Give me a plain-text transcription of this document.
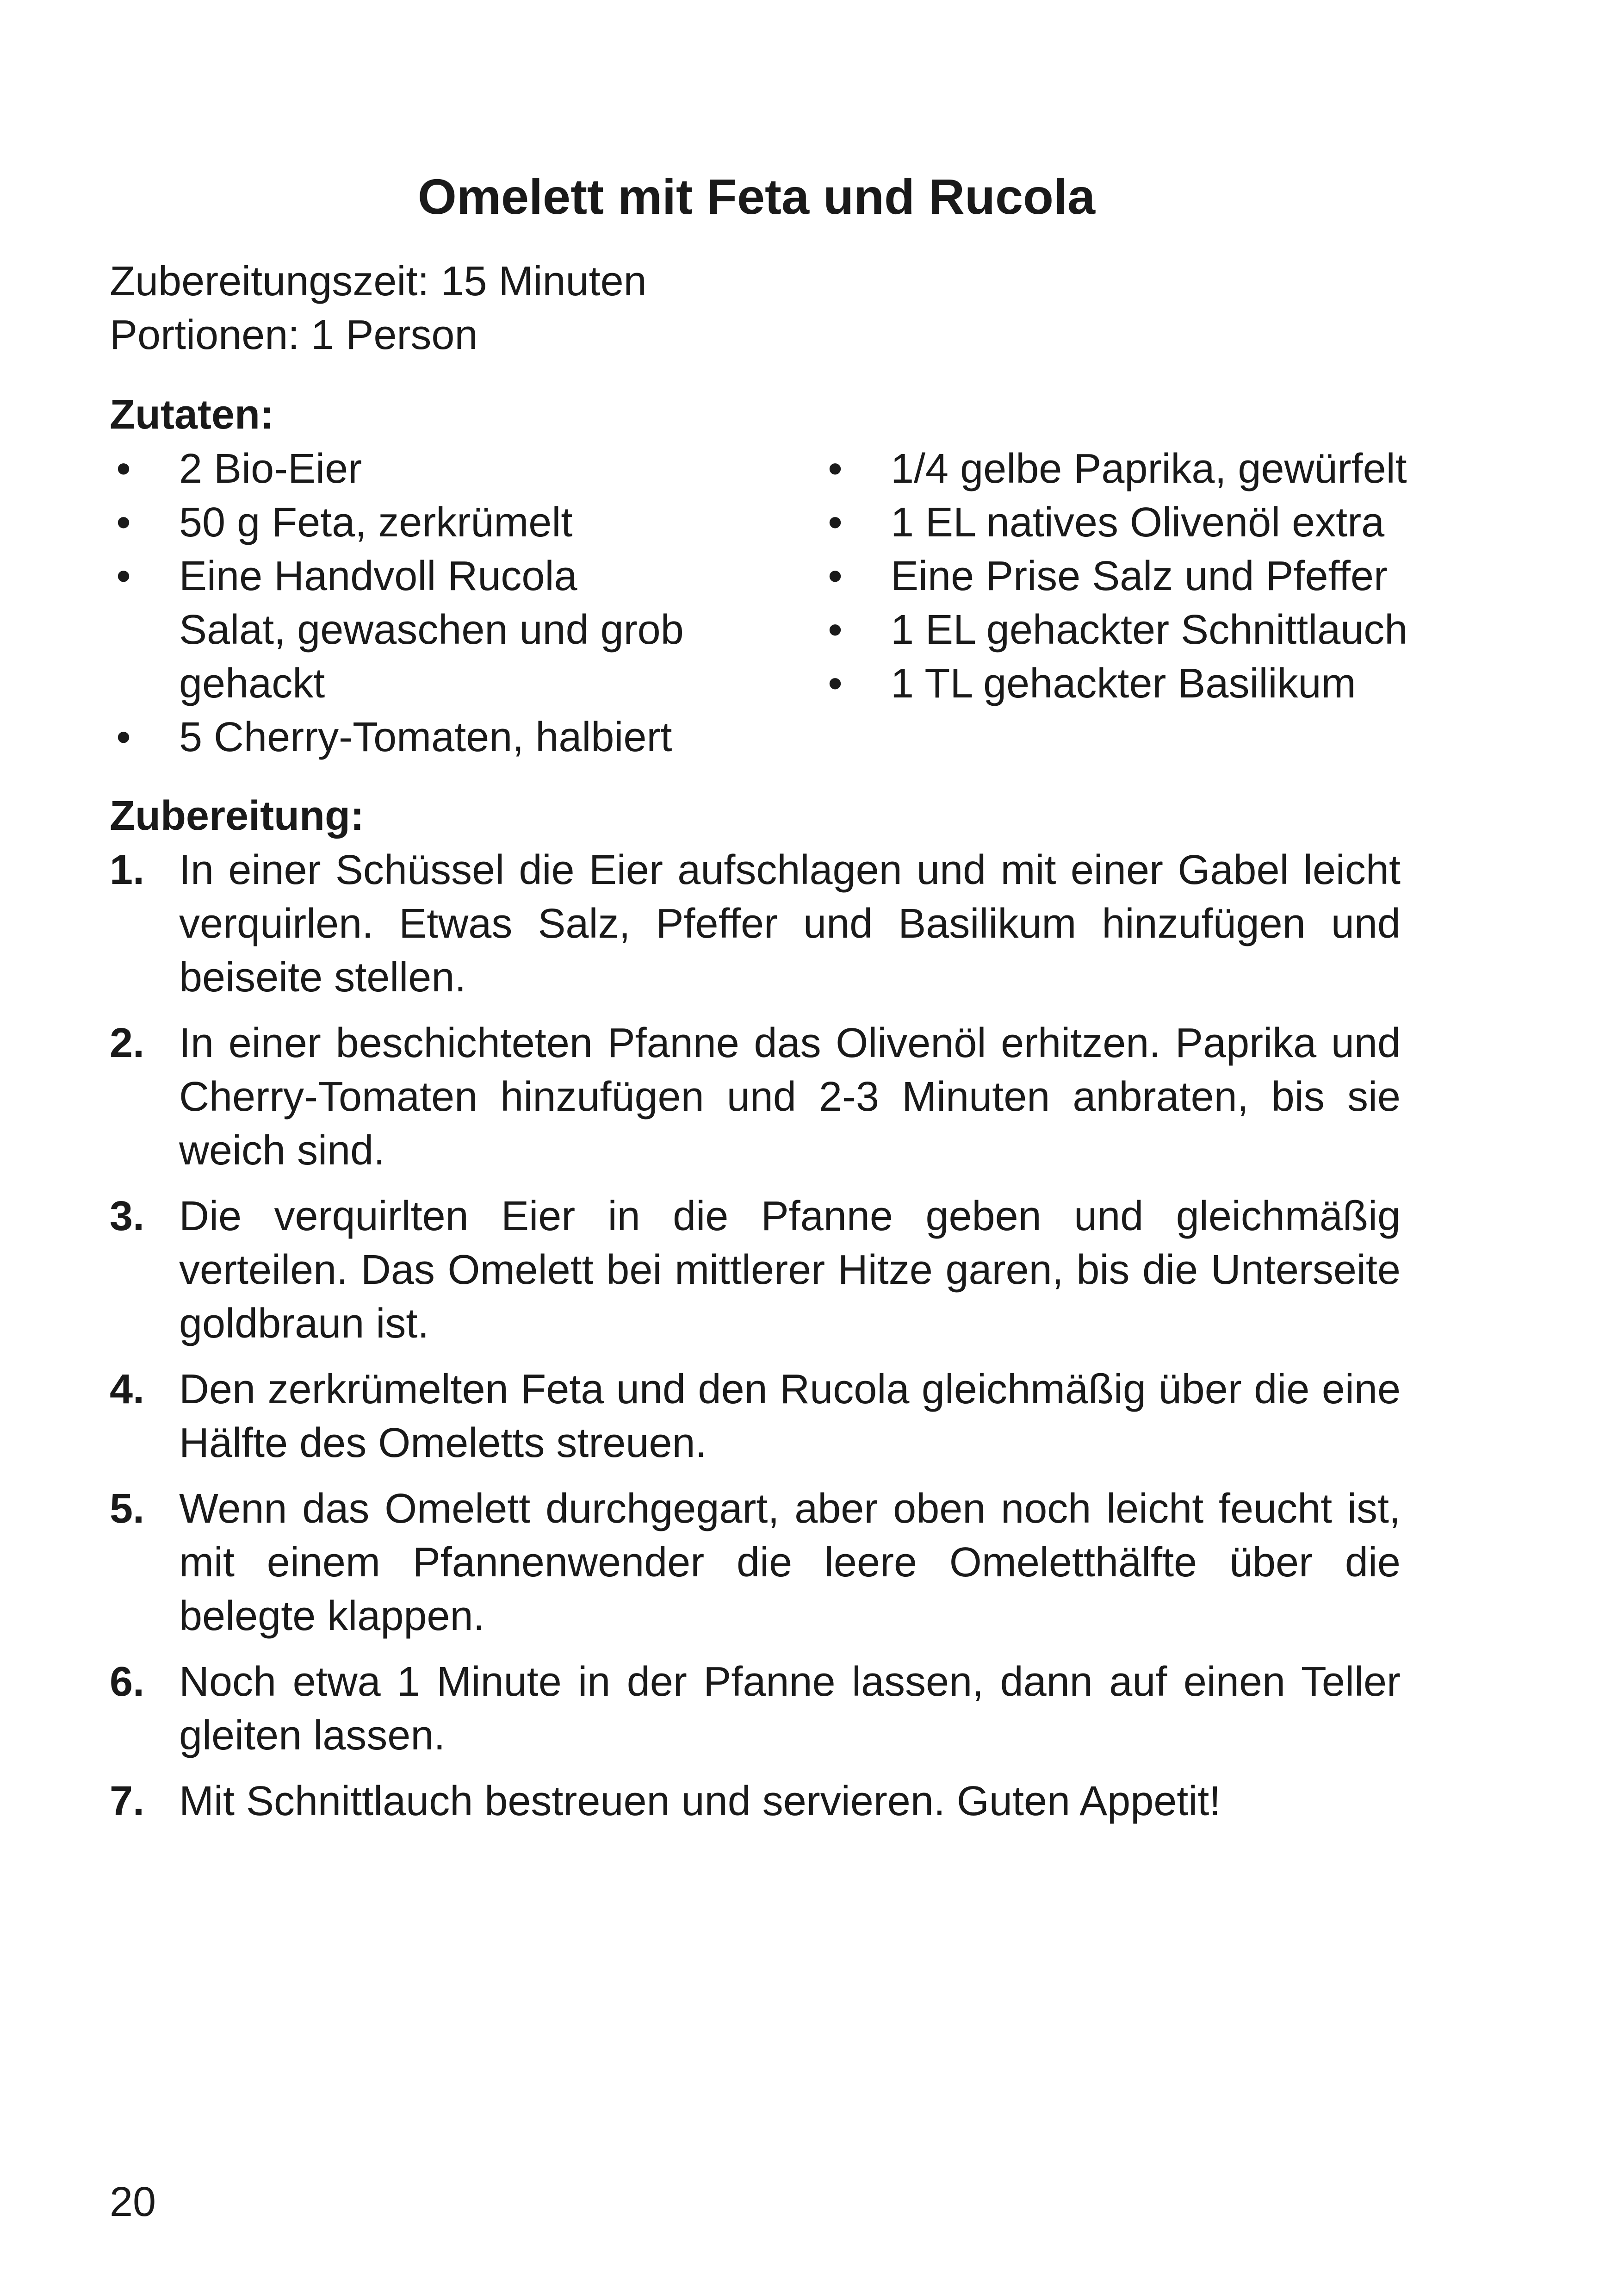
Omelett mit Feta und Rucola
Zubereitungszeit: 15 Minuten
Portionen: 1 Person
Zutaten:
• 2 Bio-Eier
• 50 g Feta, zerkrümelt
• Eine Handvoll Rucola Salat, gewaschen und grob gehackt
• 5 Cherry-Tomaten, halbiert
• 1/4 gelbe Paprika, gewürfelt
• 1 EL natives Olivenöl extra
• Eine Prise Salz und Pfeffer
• 1 EL gehackter Schnittlauch
• 1 TL gehackter Basilikum
Zubereitung:
1. In einer Schüssel die Eier aufschlagen und mit einer Gabel leicht verquirlen. Etwas Salz, Pfeffer und Basilikum hinzufügen und beiseite stellen.
2. In einer beschichteten Pfanne das Olivenöl erhitzen. Paprika und Cherry-Tomaten hinzufügen und 2-3 Minuten anbraten, bis sie weich sind.
3. Die verquirlten Eier in die Pfanne geben und gleichmäßig verteilen. Das Omelett bei mittlerer Hitze garen, bis die Unterseite goldbraun ist.
4. Den zerkrümelten Feta und den Rucola gleichmäßig über die eine Hälfte des Omeletts streuen.
5. Wenn das Omelett durchgegart, aber oben noch leicht feucht ist, mit einem Pfannenwender die leere Omeletthälfte über die belegte klappen.
6. Noch etwa 1 Minute in der Pfanne lassen, dann auf einen Teller gleiten lassen.
7. Mit Schnittlauch bestreuen und servieren. Guten Appetit!
20
